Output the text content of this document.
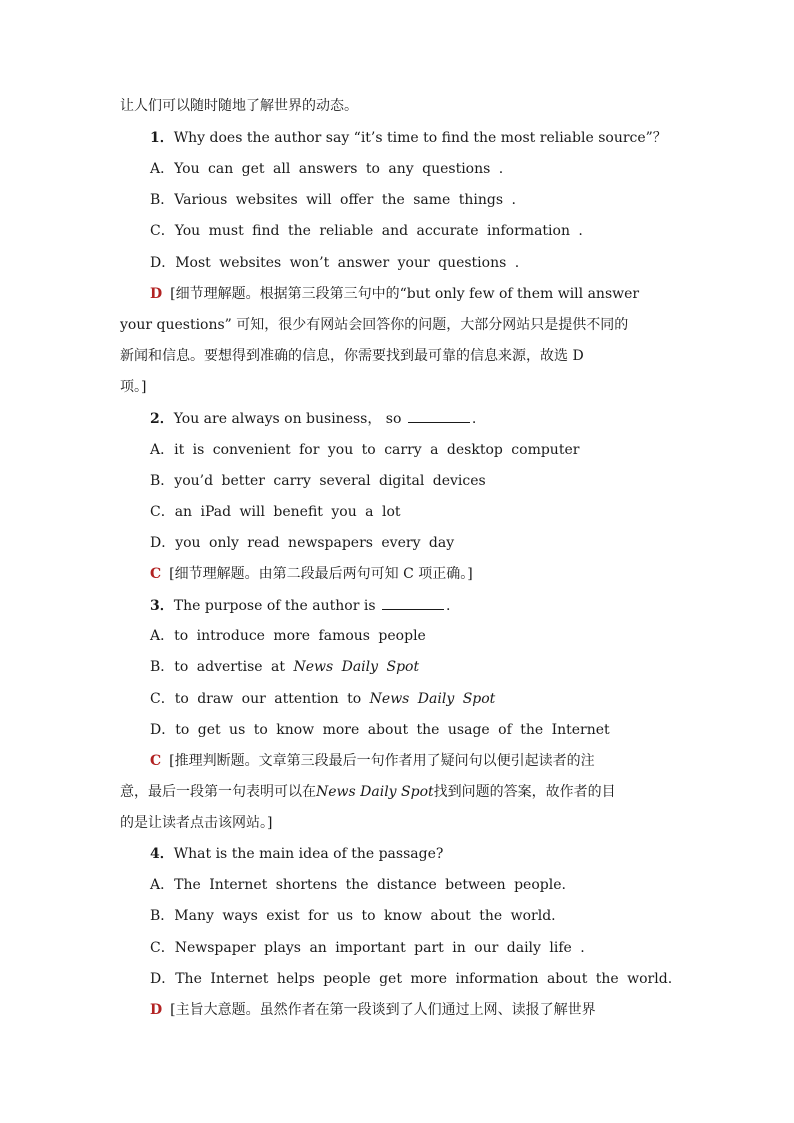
让人们可以随时随地了解世界的动态。
1．Why does the author say “it’s time to find the most reliable source”？
A．You can get all answers to any questions .
B．Various websites will offer the same things .
C．You must find the reliable and accurate information .
D．Most websites won’t answer your questions .
D [细节理解题。根据第三段第三句中的“but only few of them will answer
your questions” 可知，很少有网站会回答你的问题，大部分网站只是提供不同的
新闻和信息。要想得到准确的信息，你需要找到最可靠的信息来源，故选 D
项。]
2．You are always on business， so	.
A．it is convenient for you to carry a desktop computer
B．you’d better carry several digital devices
C．an iPad will benefit you a lot
D．you only read newspapers every day
C [细节理解题。由第二段最后两句可知 C 项正确。]
3．The purpose of the author is	.
A．to introduce more famous people
B．to advertise at News Daily Spot
C．to draw our attention to News Daily Spot
D．to get us to know more about the usage of the Internet
C [推理判断题。文章第三段最后一句作者用了疑问句以便引起读者的注
意，最后一段第一句表明可以在News Daily Spot找到问题的答案，故作者的目
的是让读者点击该网站。]
4．What is the main idea of the passage?
A．The Internet shortens the distance between people.
B．Many ways exist for us to know about the world.
C．Newspaper plays an important part in our daily life .
D．The Internet helps people get more information about the world.
D [主旨大意题。虽然作者在第一段谈到了人们通过上网、读报了解世界
